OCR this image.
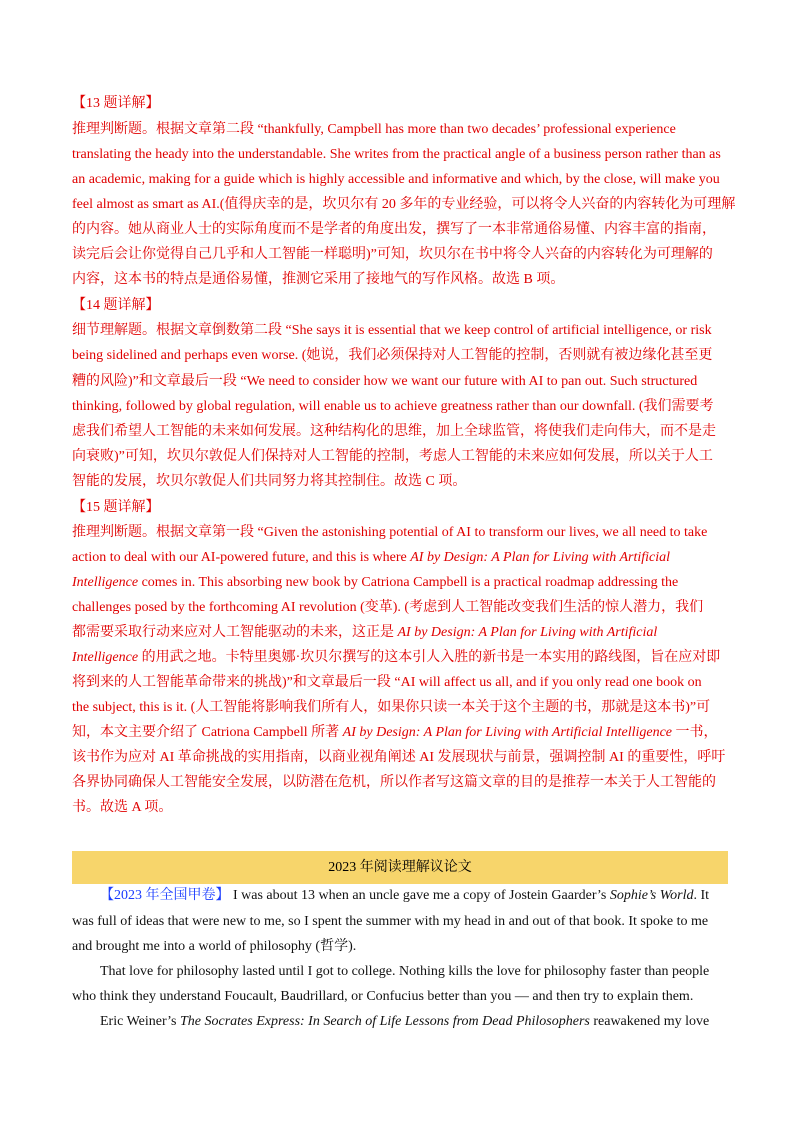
【13 题详解】
推理判断题。根据文章第二段 “thankfully, Campbell has more than two decades’ professional experience
translating the heady into the understandable. She writes from the practical angle of a business person rather than as
an academic, making for a guide which is highly accessible and informative and which, by the close, will make you
feel almost as smart as AI.(值得庆幸的是，坎贝尔有 20 多年的专业经验，可以将令人兴奋的内容转化为可理解
的内容。她从商业人士的实际角度而不是学者的角度出发，撰写了一本非常通俗易懂、内容丰富的指南，
读完后会让你觉得自己几乎和人工智能一样聪明)”可知，坎贝尔在书中将令人兴奋的内容转化为可理解的
内容，这本书的特点是通俗易懂，推测它采用了接地气的写作风格。故选 B 项。
【14 题详解】
细节理解题。根据文章倒数第二段 “She says it is essential that we keep control of artificial intelligence, or risk
being sidelined and perhaps even worse. (她说，我们必须保持对人工智能的控制，否则就有被边缘化甚至更
糟的风险)”和文章最后一段 “We need to consider how we want our future with AI to pan out. Such structured
thinking, followed by global regulation, will enable us to achieve greatness rather than our downfall. (我们需要考
虑我们希望人工智能的未来如何发展。这种结构化的思维，加上全球监管，将使我们走向伟大，而不是走
向衰败)”可知，坎贝尔敦促人们保持对人工智能的控制，考虑人工智能的未来应如何发展，所以关于人工
智能的发展，坎贝尔敦促人们共同努力将其控制住。故选 C 项。
【15 题详解】
推理判断题。根据文章第一段 “Given the astonishing potential of AI to transform our lives, we all need to take
action to deal with our AI-powered future, and this is where AI by Design: A Plan for Living with Artificial
Intelligence comes in. This absorbing new book by Catriona Campbell is a practical roadmap addressing the
challenges posed by the forthcoming AI revolution (变革). (考虑到人工智能改变我们生活的惊人潜力，我们
都需要采取行动来应对人工智能驱动的未来，这正是 AI by Design: A Plan for Living with Artificial
Intelligence 的用武之地。卡特里奥娜·坎贝尔撰写的这本引人入胜的新书是一本实用的路线图，旨在应对即
将到来的人工智能革命带来的挑战)”和文章最后一段 “AI will affect us all, and if you only read one book on
the subject, this is it. (人工智能将影响我们所有人，如果你只读一本关于这个主题的书，那就是这本书)”可
知，本文主要介绍了 Catriona Campbell 所著 AI by Design: A Plan for Living with Artificial Intelligence 一书，
该书作为应对 AI 革命挑战的实用指南，以商业视角阐述 AI 发展现状与前景，强调控制 AI 的重要性，呼吁
各界协同确保人工智能安全发展，以防潜在危机，所以作者写这篇文章的目的是推荐一本关于人工智能的
书。故选 A 项。
2023 年阅读理解议论文
【2023 年全国甲卷】 I was about 13 when an uncle gave me a copy of Jostein Gaarder’s Sophie’s World. It
was full of ideas that were new to me, so I spent the summer with my head in and out of that book. It spoke to me
and brought me into a world of philosophy (哲学).
That love for philosophy lasted until I got to college. Nothing kills the love for philosophy faster than people
who think they understand Foucault, Baudrillard, or Confucius better than you — and then try to explain them.
Eric Weiner’s The Socrates Express: In Search of Life Lessons from Dead Philosophers reawakened my love
